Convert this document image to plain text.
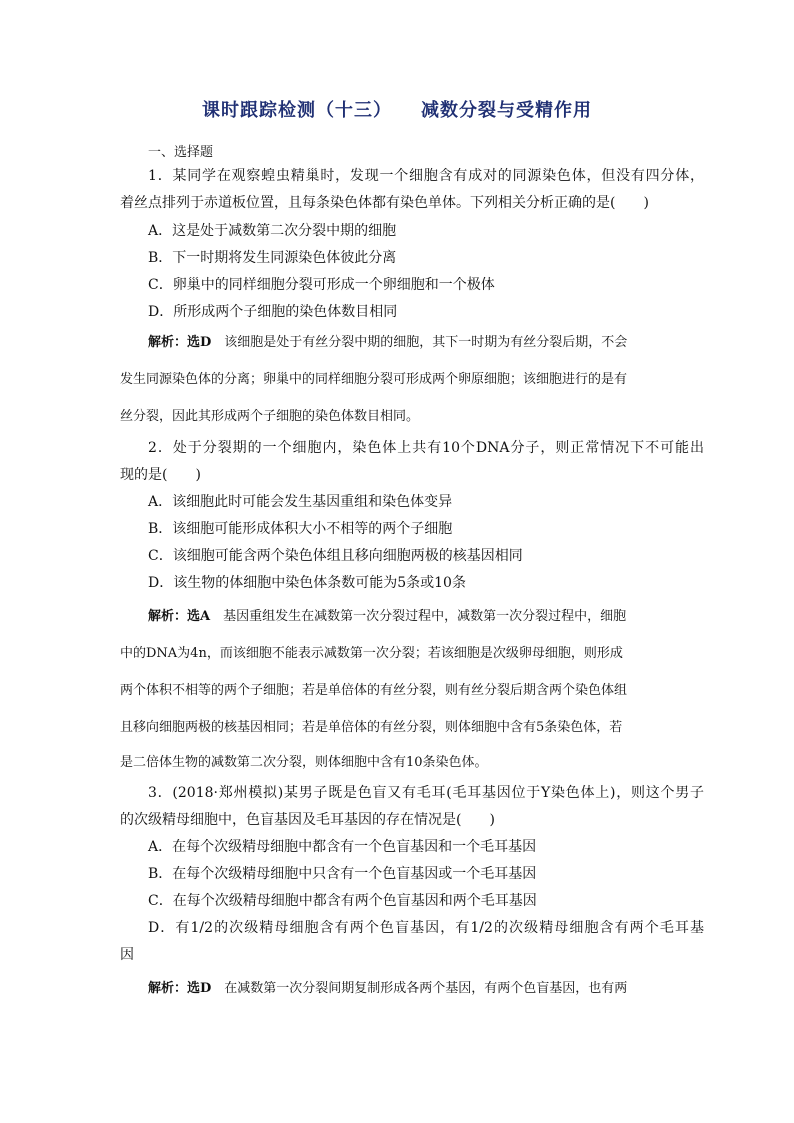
课时跟踪检测（十三）    减数分裂与受精作用
一、选择题
1．某同学在观察蝗虫精巢时，发现一个细胞含有成对的同源染色体，但没有四分体，
着丝点排列于赤道板位置，且每条染色体都有染色单体。下列相关分析正确的是(　　)
A．这是处于减数第二次分裂中期的细胞
B．下一时期将发生同源染色体彼此分离
C．卵巢中的同样细胞分裂可形成一个卵细胞和一个极体
D．所形成两个子细胞的染色体数目相同
解析：选D　 该细胞是处于有丝分裂中期的细胞，其下一时期为有丝分裂后期，不会
发生同源染色体的分离；卵巢中的同样细胞分裂可形成两个卵原细胞；该细胞进行的是有
丝分裂，因此其形成两个子细胞的染色体数目相同。
2．处于分裂期的一个细胞内，染色体上共有10个DNA分子，则正常情况下不可能出
现的是(　　)
A．该细胞此时可能会发生基因重组和染色体变异
B．该细胞可能形成体积大小不相等的两个子细胞
C．该细胞可能含两个染色体组且移向细胞两极的核基因相同
D．该生物的体细胞中染色体条数可能为5条或10条
解析：选A　 基因重组发生在减数第一次分裂过程中，减数第一次分裂过程中，细胞
中的DNA为4n，而该细胞不能表示减数第一次分裂；若该细胞是次级卵母细胞，则形成
两个体积不相等的两个子细胞；若是单倍体的有丝分裂，则有丝分裂后期含两个染色体组
且移向细胞两极的核基因相同；若是单倍体的有丝分裂，则体细胞中含有5条染色体，若
是二倍体生物的减数第二次分裂，则体细胞中含有10条染色体。
3．(2018·郑州模拟)某男子既是色盲又有毛耳(毛耳基因位于Y染色体上)，则这个男子
的次级精母细胞中，色盲基因及毛耳基因的存在情况是(　　)
A．在每个次级精母细胞中都含有一个色盲基因和一个毛耳基因
B．在每个次级精母细胞中只含有一个色盲基因或一个毛耳基因
C．在每个次级精母细胞中都含有两个色盲基因和两个毛耳基因
D．有1/2的次级精母细胞含有两个色盲基因，有1/2的次级精母细胞含有两个毛耳基
因
解析：选D　 在减数第一次分裂间期复制形成各两个基因，有两个色盲基因，也有两
